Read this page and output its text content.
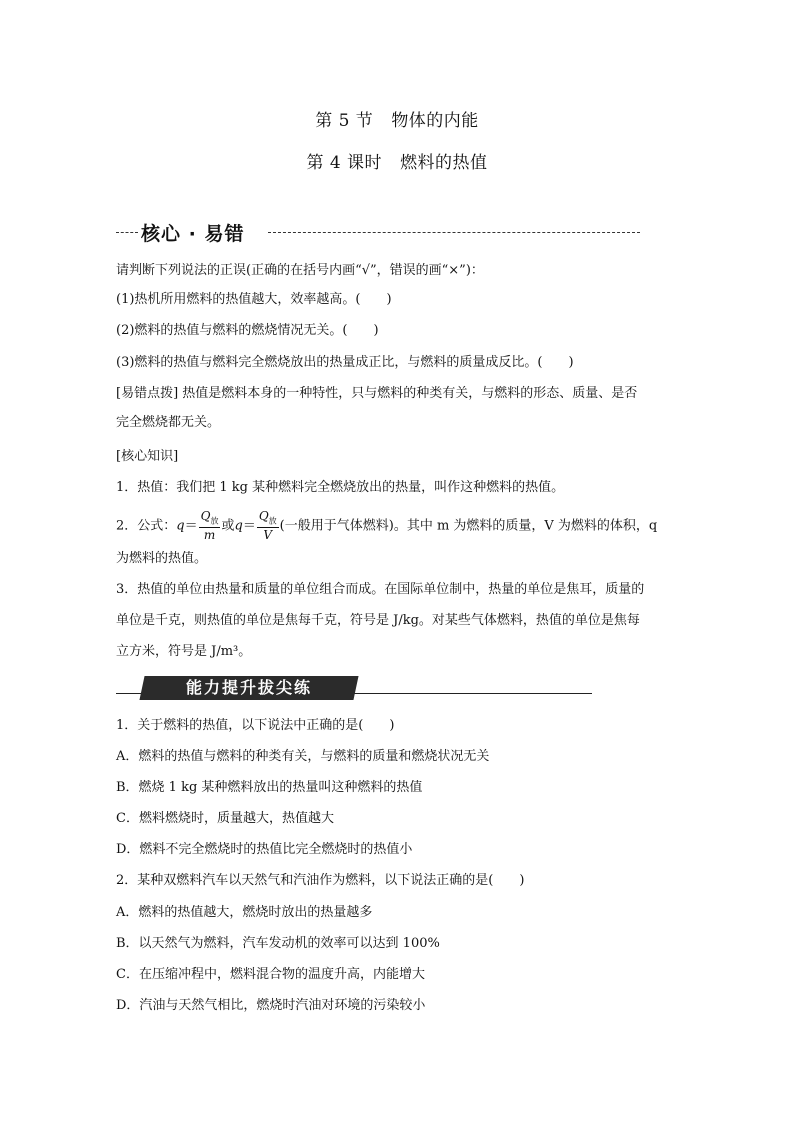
第 5 节 物体的内能
第 4 课时 燃料的热值
核心 · 易错
请判断下列说法的正误(正确的在括号内画“√”，错误的画“×”)：
(1)热机所用燃料的热值越大，效率越高。( )
(2)燃料的热值与燃料的燃烧情况无关。( )
(3)燃料的热值与燃料完全燃烧放出的热量成正比，与燃料的质量成反比。( )
[易错点拨] 热值是燃料本身的一种特性，只与燃料的种类有关，与燃料的形态、质量、是否
完全燃烧都无关。
[核心知识]
1．热值：我们把 1 kg 某种燃料完全燃烧放出的热量，叫作这种燃料的热值。
2．公式：$q= \frac{Q_放}{m}$ 或$q= \frac{Q_放}{V}$ (一般用于气体燃料)。其中 m 为燃料的质量，V 为燃料的体积，q
为燃料的热值。
3．热值的单位由热量和质量的单位组合而成。在国际单位制中，热量的单位是焦耳，质量的
单位是千克，则热值的单位是焦每千克，符号是 J/kg。对某些气体燃料，热值的单位是焦每
立方米，符号是 J/m³。
能力提升拔尖练
1．关于燃料的热值，以下说法中正确的是(　　)
A．燃料的热值与燃料的种类有关，与燃料的质量和燃烧状况无关
B．燃烧 1 kg 某种燃料放出的热量叫这种燃料的热值
C．燃料燃烧时，质量越大，热值越大
D．燃料不完全燃烧时的热值比完全燃烧时的热值小
2．某种双燃料汽车以天然气和汽油作为燃料，以下说法正确的是(　　)
A．燃料的热值越大，燃烧时放出的热量越多
B．以天然气为燃料，汽车发动机的效率可以达到 100%
C．在压缩冲程中，燃料混合物的温度升高，内能增大
D．汽油与天然气相比，燃烧时汽油对环境的污染较小
